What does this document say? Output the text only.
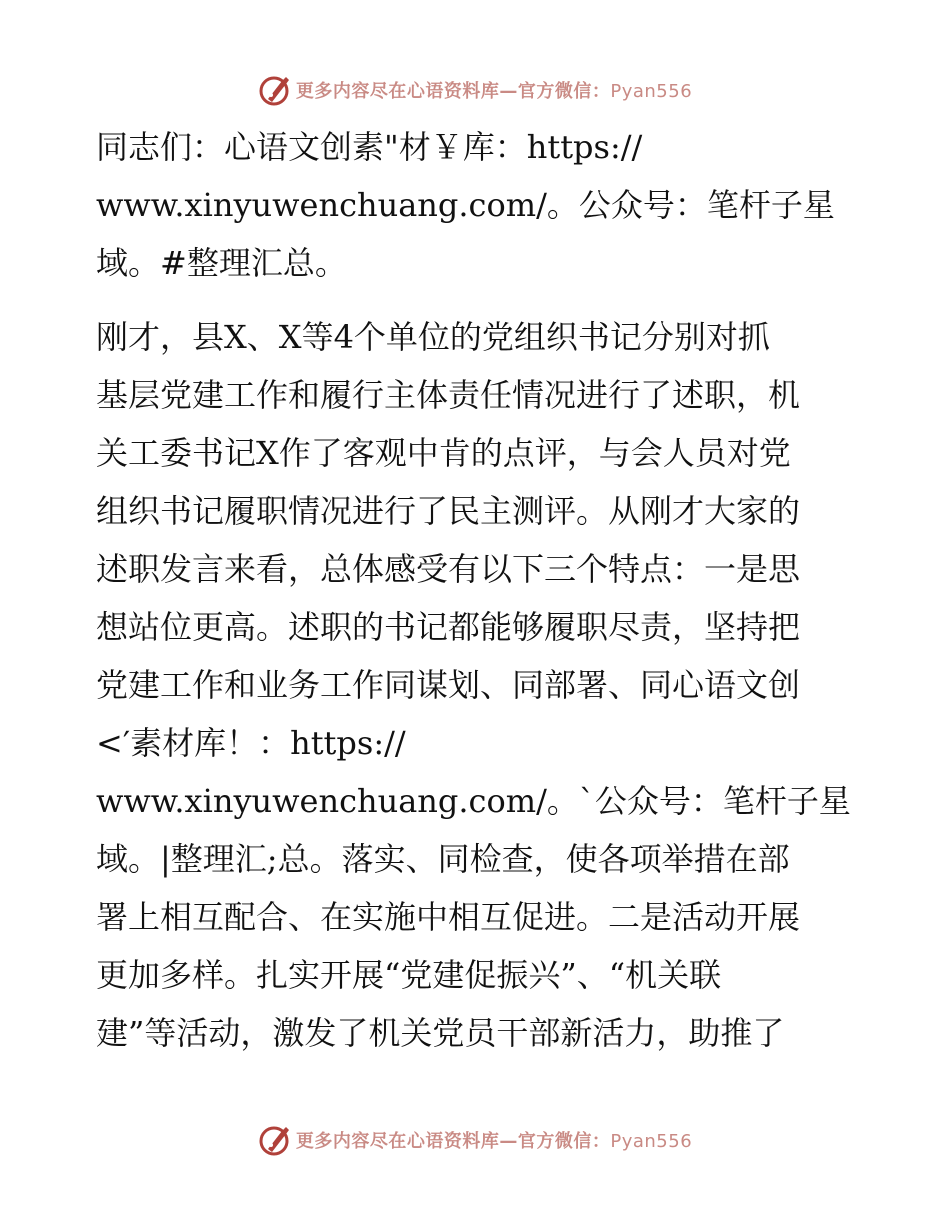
更多内容尽在心语资料库—官方微信：Pyan556

同志们：心语文创素"材￥库：https://
www.xinyuwenchuang.com/。公众号：笔杆子星
域。#整理汇总。

刚才，县X、X等4个单位的党组织书记分别对抓
基层党建工作和履行主体责任情况进行了述职，机
关工委书记X作了客观中肯的点评，与会人员对党
组织书记履职情况进行了民主测评。从刚才大家的
述职发言来看，总体感受有以下三个特点：一是思
想站位更高。述职的书记都能够履职尽责，坚持把
党建工作和业务工作同谋划、同部署、同心语文创
<′素材库！：https://
www.xinyuwenchuang.com/。`公众号：笔杆子星
域。|整理汇;总。落实、同检查，使各项举措在部
署上相互配合、在实施中相互促进。二是活动开展
更加多样。扎实开展“党建促振兴”、“机关联
建”等活动，激发了机关党员干部新活力，助推了

更多内容尽在心语资料库—官方微信：Pyan556
